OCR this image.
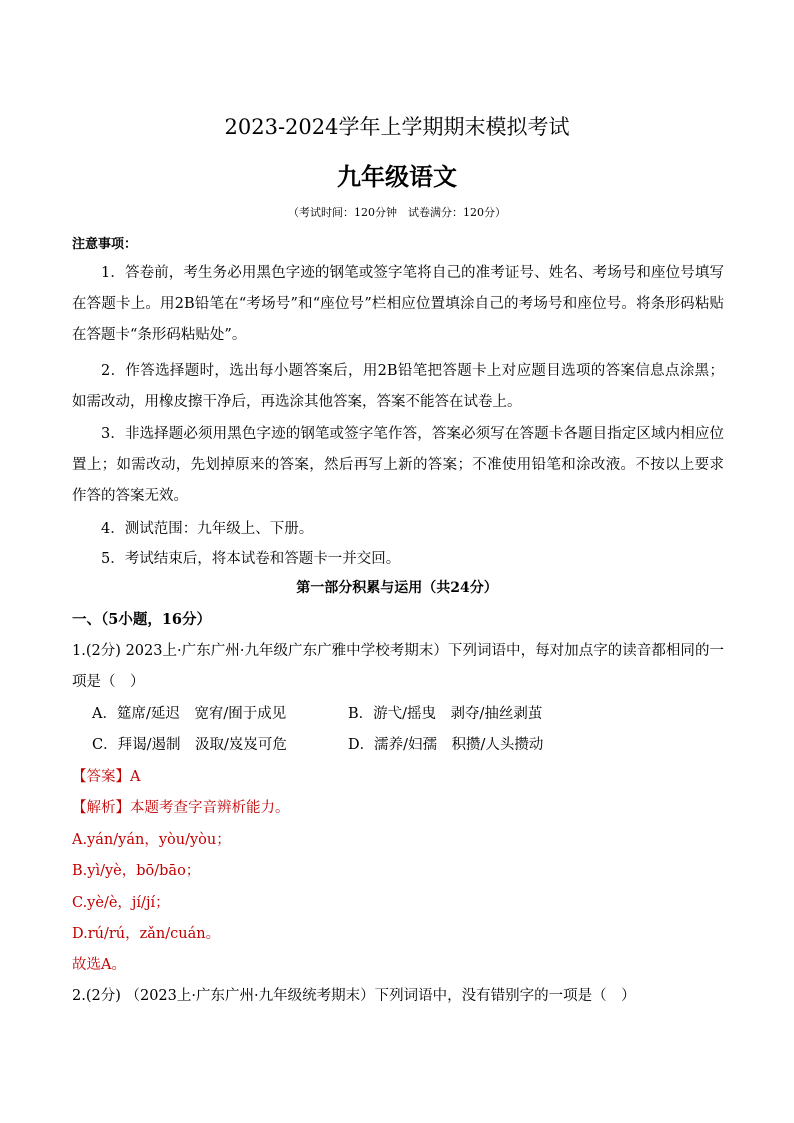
2023-2024学年上学期期末模拟考试
九年级语文
（考试时间：120分钟　试卷满分：120分）
注意事项：
1．答卷前，考生务必用黑色字迹的钢笔或签字笔将自己的准考证号、姓名、考场号和座位号填写在答题卡上。用2B铅笔在“考场号”和“座位号”栏相应位置填涂自己的考场号和座位号。将条形码粘贴在答题卡“条形码粘贴处”。
2．作答选择题时，选出每小题答案后，用2B铅笔把答题卡上对应题目选项的答案信息点涂黑；如需改动，用橡皮擦干净后，再选涂其他答案，答案不能答在试卷上。
3．非选择题必须用黑色字迹的钢笔或签字笔作答，答案必须写在答题卡各题目指定区域内相应位置上；如需改动，先划掉原来的答案，然后再写上新的答案；不准使用铅笔和涂改液。不按以上要求作答的答案无效。
4．测试范围：九年级上、下册。
5．考试结束后，将本试卷和答题卡一并交回。
第一部分积累与运用（共24分）
一、（5小题，16分）
1.(2分) 2023上·广东广州·九年级广东广雅中学校考期末）下列词语中，每对加点字的读音都相同的一项是（　）
A．筵席/延迟　宽宥/囿于成见	B．游弋/摇曳　剥夺/抽丝剥茧
C．拜谒/遏制　汲取/岌岌可危	D．濡养/妇孺　积攒/人头攒动
【答案】A
【解析】本题考查字音辨析能力。
A.yán/yán，yòu/yòu；
B.yì/yè，bō/bāo；
C.yè/è，jí/jí；
D.rú/rú，zǎn/cuán。
故选A。
2.(2分) （2023上·广东广州·九年级统考期末）下列词语中，没有错别字的一项是（　）
